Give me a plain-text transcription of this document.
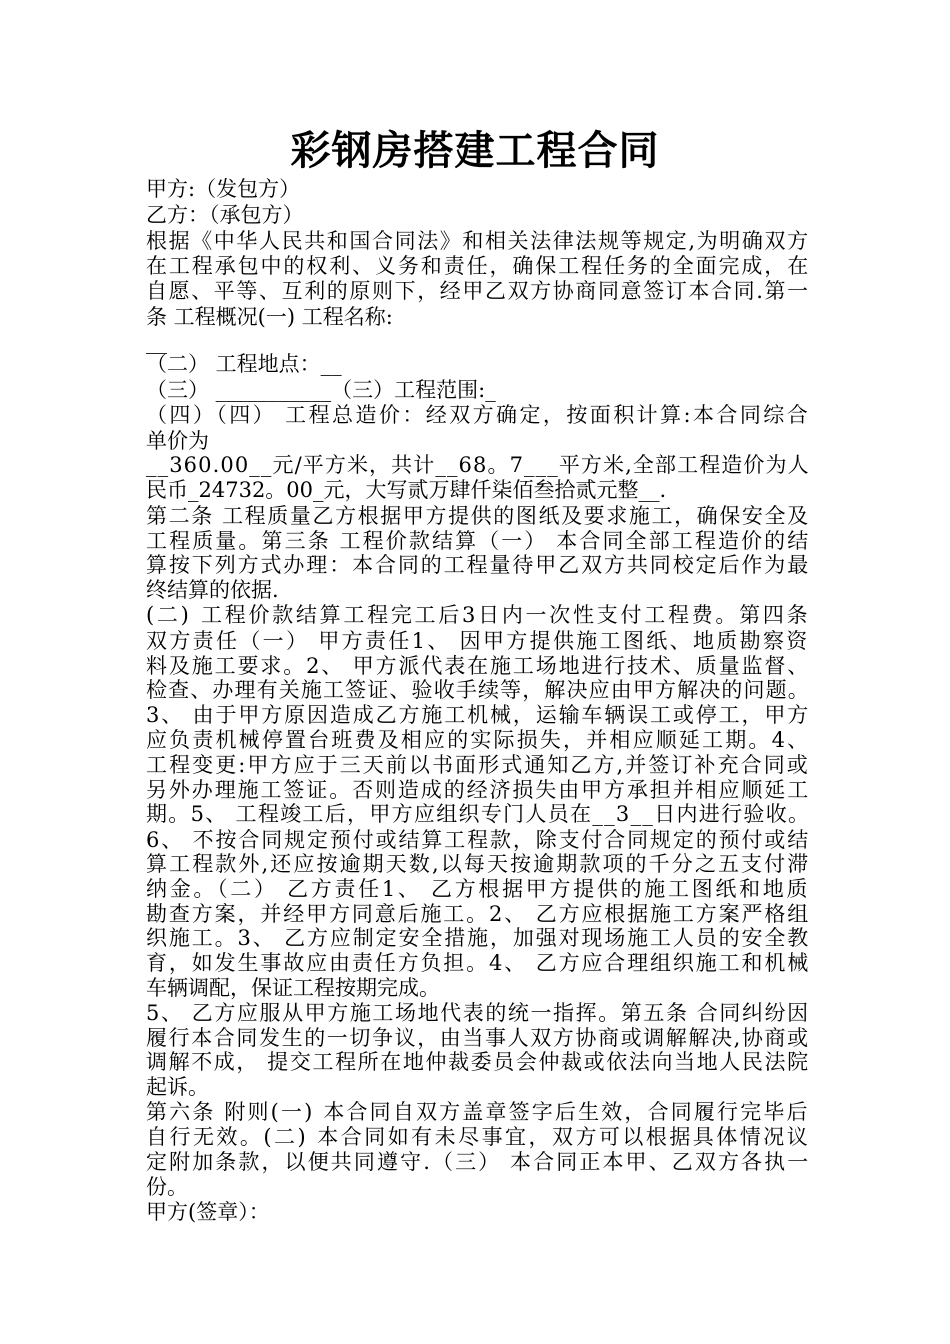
彩钢房搭建工程合同
甲方:（发包方）
乙方：（承包方）
根据《中华人民共和国合同法》和相关法律法规等规定,为明确双方
在工程承包中的权利、义务和责任，确保工程任务的全面完成，在
自愿、平等、互利的原则下，经甲乙双方协商同意签订本合同.第一
条 工程概况(一) 工程名称:
__
（二） 工程地点：__
（三） ___________（三）工程范围:_
（四）（四） 工程总造价：经双方确定，按面积计算:本合同综合
单价为
__360.00__元/平方米，共计__68。7___平方米,全部工程造价为人
民币_24732。00_元，大写贰万肆仟柒佰叁拾贰元整__.
第二条 工程质量乙方根据甲方提供的图纸及要求施工，确保安全及
工程质量。第三条 工程价款结算（一） 本合同全部工程造价的结
算按下列方式办理：本合同的工程量待甲乙双方共同校定后作为最
终结算的依据.
(二) 工程价款结算工程完工后3日内一次性支付工程费。第四条
双方责任（一） 甲方责任1、 因甲方提供施工图纸、地质勘察资
料及施工要求。2、 甲方派代表在施工场地进行技术、质量监督、
检查、办理有关施工签证、验收手续等，解决应由甲方解决的问题。
3、 由于甲方原因造成乙方施工机械，运输车辆误工或停工，甲方
应负责机械停置台班费及相应的实际损失，并相应顺延工期。4、
工程变更:甲方应于三天前以书面形式通知乙方,并签订补充合同或
另外办理施工签证。否则造成的经济损失由甲方承担并相应顺延工
期。5、 工程竣工后，甲方应组织专门人员在__3__日内进行验收。
6、 不按合同规定预付或结算工程款，除支付合同规定的预付或结
算工程款外,还应按逾期天数,以每天按逾期款项的千分之五支付滞
纳金。（二） 乙方责任1、 乙方根据甲方提供的施工图纸和地质
勘查方案，并经甲方同意后施工。2、 乙方应根据施工方案严格组
织施工。3、 乙方应制定安全措施，加强对现场施工人员的安全教
育，如发生事故应由责任方负担。4、 乙方应合理组织施工和机械
车辆调配，保证工程按期完成。
5、 乙方应服从甲方施工场地代表的统一指挥。第五条 合同纠纷因
履行本合同发生的一切争议，由当事人双方协商或调解解决,协商或
调解不成， 提交工程所在地仲裁委员会仲裁或依法向当地人民法院
起诉。
第六条 附则(一) 本合同自双方盖章签字后生效，合同履行完毕后
自行无效。(二) 本合同如有未尽事宜，双方可以根据具体情况议
定附加条款，以便共同遵守.（三） 本合同正本甲、乙双方各执一
份。
甲方(签章）：
